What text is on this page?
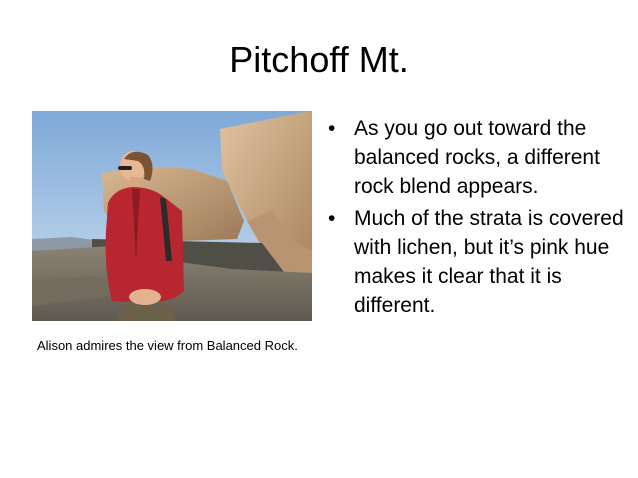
Pitchoff Mt.
Alison admires the view from Balanced Rock.
• As you go out toward the balanced rocks, a different rock blend appears.
• Much of the strata is covered with lichen, but it’s pink hue makes it clear that it is different.
